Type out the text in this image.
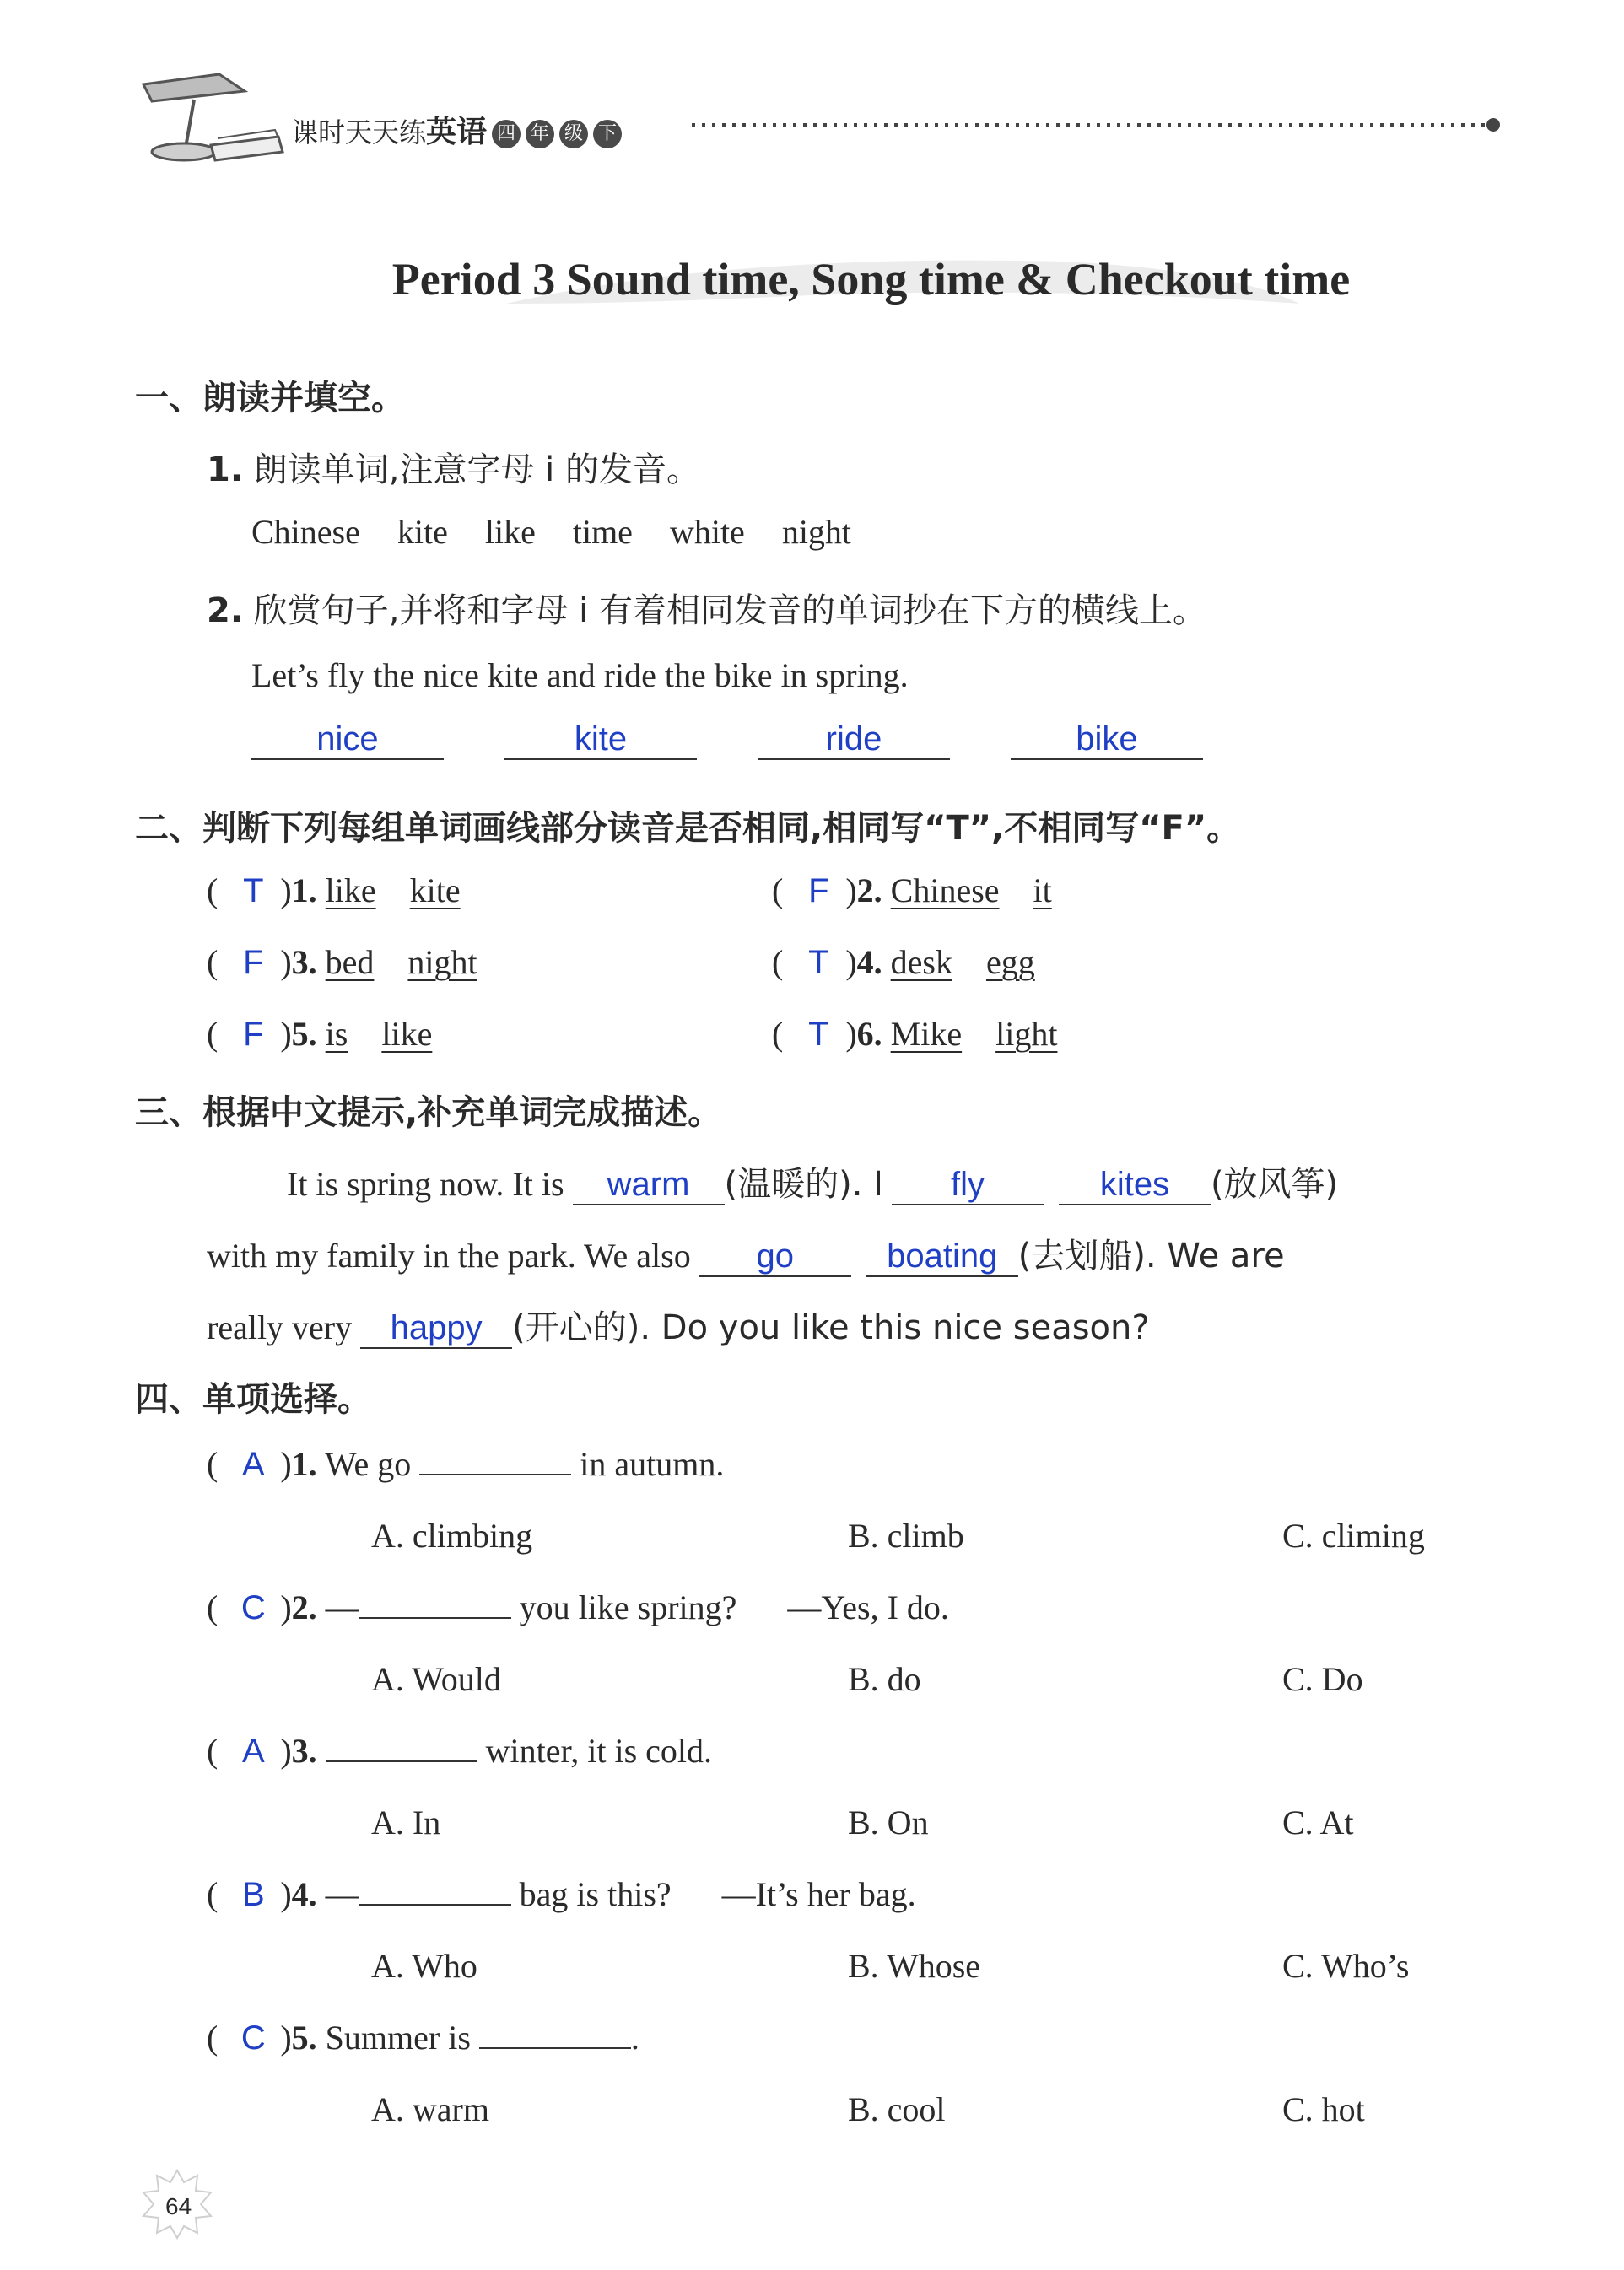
课时天天练英语 四 年 级 下
Period 3 Sound time, Song time & Checkout time
一、朗读并填空。
1. 朗读单词,注意字母 i 的发音。
Chinese kite like time white night
2. 欣赏句子,并将和字母 i 有着相同发音的单词抄在下方的横线上。
Let’s fly the nice kite and ride the bike in spring.
nice	kite	ride	bike
二、判断下列每组单词画线部分读音是否相同,相同写“T”,不相同写“F”。
( T )1. like kite	( F )2. Chinese it
( F )3. bed night	( T )4. desk egg
( F )5. is like	( T )6. Mike light
三、根据中文提示,补充单词完成描述。
It is spring now. It is warm (温暖的). I fly	kites (放风筝)
with my family in the park. We also go	boating (去划船). We are
really very happy (开心的). Do you like this nice season?
四、单项选择。
( A )1. We go	in autumn.
A. climbing	B. climb	C. climing
( C )2. —	you like spring?      —Yes, I do.
A. Would	B. do	C. Do
( A )3.	winter, it is cold.
A. In	B. On	C. At
( B )4. —	bag is this?      —It’s her bag.
A. Who	B. Whose	C. Who’s
( C )5. Summer is	.
A. warm	B. cool	C. hot
64
